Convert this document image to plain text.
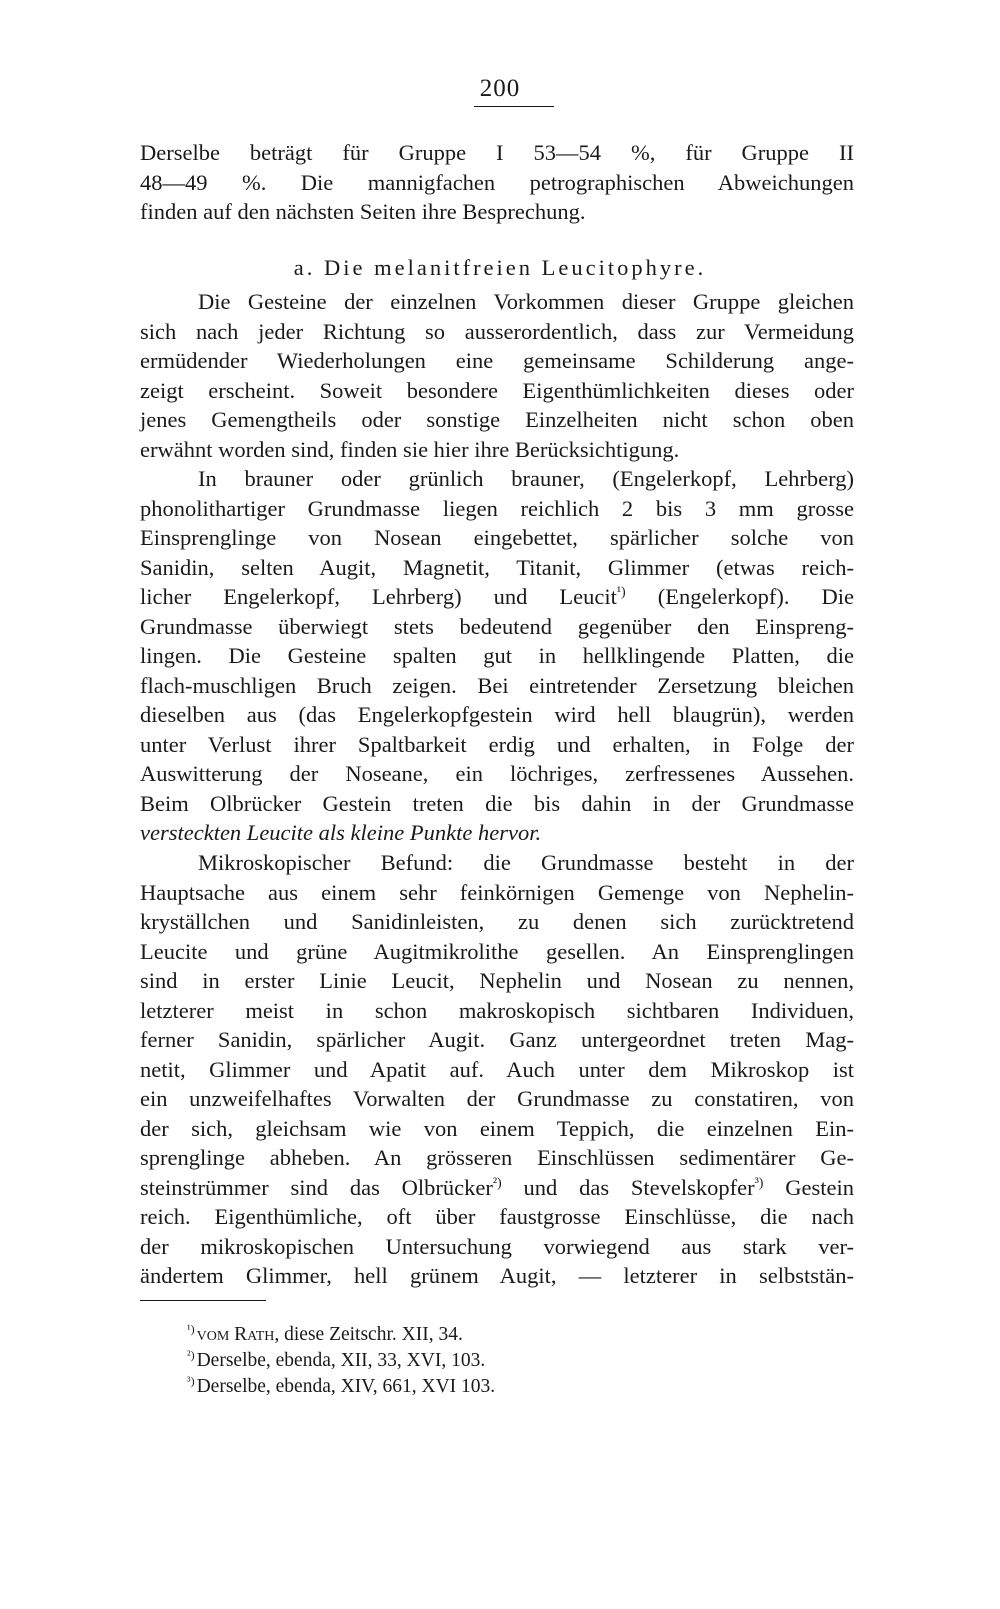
200
Derselbe beträgt für Gruppe I 53—54 %, für Gruppe II
48—49 %. Die mannigfachen petrographischen Abweichungen
finden auf den nächsten Seiten ihre Besprechung.
a. Die melanitfreien Leucitophyre.
Die Gesteine der einzelnen Vorkommen dieser Gruppe gleichen
sich nach jeder Richtung so ausserordentlich, dass zur Vermeidung
ermüdender Wiederholungen eine gemeinsame Schilderung ange-
zeigt erscheint. Soweit besondere Eigenthümlichkeiten dieses oder
jenes Gemengtheils oder sonstige Einzelheiten nicht schon oben
erwähnt worden sind, finden sie hier ihre Berücksichtigung.
In brauner oder grünlich brauner, (Engelerkopf, Lehrberg)
phonolithartiger Grundmasse liegen reichlich 2 bis 3 mm grosse
Einsprenglinge von Nosean eingebettet, spärlicher solche von
Sanidin, selten Augit, Magnetit, Titanit, Glimmer (etwas reich-
licher Engelerkopf, Lehrberg) und Leucit$^{^1)}$ (Engelerkopf). Die
Grundmasse überwiegt stets bedeutend gegenüber den Einspreng-
lingen. Die Gesteine spalten gut in hellklingende Platten, die
flach-muschligen Bruch zeigen. Bei eintretender Zersetzung bleichen
dieselben aus (das Engelerkopfgestein wird hell blaugrün), werden
unter Verlust ihrer Spaltbarkeit erdig und erhalten, in Folge der
Auswitterung der Noseane, ein löchriges, zerfressenes Aussehen.
Beim Olbrücker Gestein treten die bis dahin in der Grundmasse
versteckten Leucite als kleine Punkte hervor.
Mikroskopischer Befund: die Grundmasse besteht in der
Hauptsache aus einem sehr feinkörnigen Gemenge von Nephelin-
kryställchen und Sanidinleisten, zu denen sich zurücktretend
Leucite und grüne Augitmikrolithe gesellen. An Einsprenglingen
sind in erster Linie Leucit, Nephelin und Nosean zu nennen,
letzterer meist in schon makroskopisch sichtbaren Individuen,
ferner Sanidin, spärlicher Augit. Ganz untergeordnet treten Mag-
netit, Glimmer und Apatit auf. Auch unter dem Mikroskop ist
ein unzweifelhaftes Vorwalten der Grundmasse zu constatiren, von
der sich, gleichsam wie von einem Teppich, die einzelnen Ein-
sprenglinge abheben. An grösseren Einschlüssen sedimentärer Ge-
steinstrümmer sind das Olbrücker$^{^2)}$ und das Stevelskopfer$^{^3)}$ Gestein
reich. Eigenthümliche, oft über faustgrosse Einschlüsse, die nach
der mikroskopischen Untersuchung vorwiegend aus stark ver-
ändertem Glimmer, hell grünem Augit, — letzterer in selbststän-
$^{^1)}$ vom Rath, diese Zeitschr. XII, 34.
$^{^2)}$ Derselbe, ebenda, XII, 33, XVI, 103.
$^{^3)}$ Derselbe, ebenda, XIV, 661, XVI 103.
